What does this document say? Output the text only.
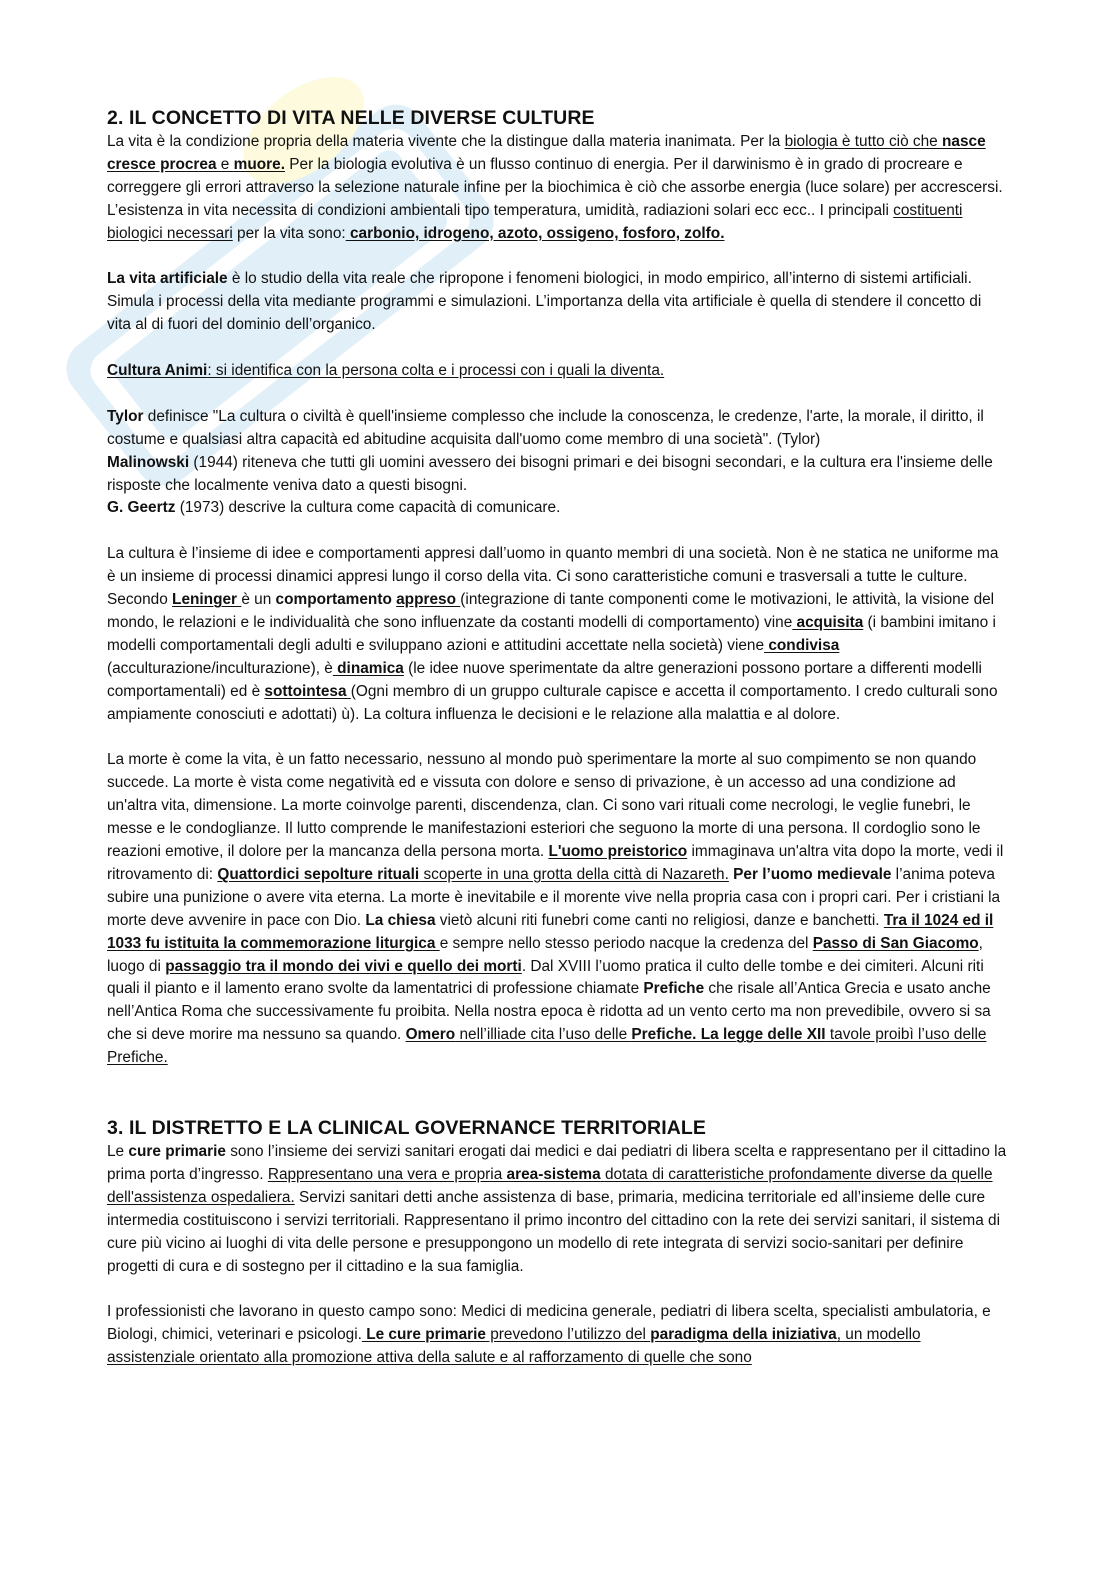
2. IL CONCETTO DI VITA NELLE DIVERSE CULTURE

La vita è la condizione propria della materia vivente che la distingue dalla materia inanimata. Per la biologia è tutto ciò che nasce cresce procrea e muore. Per la biologia evolutiva è un flusso continuo di energia. Per il darwinismo è in grado di procreare e correggere gli errori attraverso la selezione naturale infine per la biochimica è ciò che assorbe energia (luce solare) per accrescersi. L’esistenza in vita necessita di condizioni ambientali tipo temperatura, umidità, radiazioni solari ecc ecc.. I principali costituenti biologici necessari per la vita sono: carbonio, idrogeno, azoto, ossigeno, fosforo, zolfo.

La vita artificiale è lo studio della vita reale che ripropone i fenomeni biologici, in modo empirico, all’interno di sistemi artificiali. Simula i processi della vita mediante programmi e simulazioni. L’importanza della vita artificiale è quella di stendere il concetto di vita al di fuori del dominio dell’organico.

Cultura Animi: si identifica con la persona colta e i processi con i quali la diventa.

Tylor definisce "La cultura o civiltà è quell'insieme complesso che include la conoscenza, le credenze, l'arte, la morale, il diritto, il costume e qualsiasi altra capacità ed abitudine acquisita dall'uomo come membro di una società". (Tylor)
Malinowski (1944) riteneva che tutti gli uomini avessero dei bisogni primari e dei bisogni secondari, e la cultura era l'insieme delle risposte che localmente veniva dato a questi bisogni.
G. Geertz (1973) descrive la cultura come capacità di comunicare.

La cultura è l’insieme di idee e comportamenti appresi dall’uomo in quanto membri di una società. Non è ne statica ne uniforme ma è un insieme di processi dinamici appresi lungo il corso della vita. Ci sono caratteristiche comuni e trasversali a tutte le culture. Secondo Leninger è un comportamento appreso (integrazione di tante componenti come le motivazioni, le attività, la visione del mondo, le relazioni e le individualità che sono influenzate da costanti modelli di comportamento) vine acquisita (i bambini imitano i modelli comportamentali degli adulti e sviluppano azioni e attitudini accettate nella società) viene condivisa (acculturazione/inculturazione), è dinamica (le idee nuove sperimentate da altre generazioni possono portare a differenti modelli comportamentali) ed è sottointesa (Ogni membro di un gruppo culturale capisce e accetta il comportamento. I credo culturali sono ampiamente conosciuti e adottati) ù). La coltura influenza le decisioni e le relazione alla malattia e al dolore.

La morte è come la vita, è un fatto necessario, nessuno al mondo può sperimentare la morte al suo compimento se non quando succede. La morte è vista come negatività ed e vissuta con dolore e senso di privazione, è un accesso ad una condizione ad un'altra vita, dimensione. La morte coinvolge parenti, discendenza, clan. Ci sono vari rituali come necrologi, le veglie funebri, le messe e le condoglianze. Il lutto comprende le manifestazioni esteriori che seguono la morte di una persona. Il cordoglio sono le reazioni emotive, il dolore per la mancanza della persona morta. L'uomo preistorico immaginava un'altra vita dopo la morte, vedi il ritrovamento di: Quattordici sepolture rituali scoperte in una grotta della città di Nazareth. Per l’uomo medievale l’anima poteva subire una punizione o avere vita eterna. La morte è inevitabile e il morente vive nella propria casa con i propri cari. Per i cristiani la morte deve avvenire in pace con Dio. La chiesa vietò alcuni riti funebri come canti no religiosi, danze e banchetti. Tra il 1024 ed il 1033 fu istituita la commemorazione liturgica e sempre nello stesso periodo nacque la credenza del Passo di San Giacomo, luogo di passaggio tra il mondo dei vivi e quello dei morti. Dal XVIII l’uomo pratica il culto delle tombe e dei cimiteri. Alcuni riti quali il pianto e il lamento erano svolte da lamentatrici di professione chiamate Prefiche che risale all’Antica Grecia e usato anche nell’Antica Roma che successivamente fu proibita. Nella nostra epoca è ridotta ad un vento certo ma non prevedibile, ovvero si sa che si deve morire ma nessuno sa quando. Omero nell’illiade cita l’uso delle Prefiche. La legge delle XII tavole proibì l’uso delle Prefiche.

3. IL DISTRETTO E LA CLINICAL GOVERNANCE TERRITORIALE

Le cure primarie sono l’insieme dei servizi sanitari erogati dai medici e dai pediatri di libera scelta e rappresentano per il cittadino la prima porta d’ingresso. Rappresentano una vera e propria area-sistema dotata di caratteristiche profondamente diverse da quelle dell'assistenza ospedaliera. Servizi sanitari detti anche assistenza di base, primaria, medicina territoriale ed all’insieme delle cure intermedia costituiscono i servizi territoriali. Rappresentano il primo incontro del cittadino con la rete dei servizi sanitari, il sistema di cure più vicino ai luoghi di vita delle persone e presuppongono un modello di rete integrata di servizi socio-sanitari per definire progetti di cura e di sostegno per il cittadino e la sua famiglia.

I professionisti che lavorano in questo campo sono: Medici di medicina generale, pediatri di libera scelta, specialisti ambulatoria, e Biologi, chimici, veterinari e psicologi. Le cure primarie prevedono l’utilizzo del paradigma della iniziativa, un modello assistenziale orientato alla promozione attiva della salute e al rafforzamento di quelle che sono
